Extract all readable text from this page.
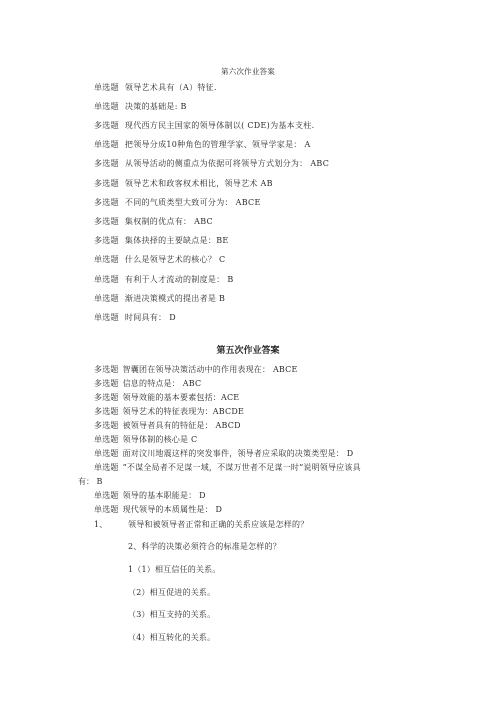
第六次作业答案
单选题 领导艺术具有（A）特征.
单选题 决策的基础是: B
多选题 现代西方民主国家的领导体制以( CDE)为基本支柱.
单选题 把领导分成10种角色的管理学家、领导学家是： A
多选题 从领导活动的侧重点为依据可将领导方式划分为： ABC
多选题 领导艺术和政客权术相比，领导艺术 AB
多选题 不同的气质类型大致可分为： ABCE
多选题 集权制的优点有： ABC
多选题 集体抉择的主要缺点是：BE
单选题 什么是领导艺术的核心？ C
单选题 有利于人才流动的制度是： B
单选题 渐进决策模式的提出者是 B
单选题 时间具有： D
第五次作业答案
多选题 智囊团在领导决策活动中的作用表现在： ABCE
多选题 信息的特点是： ABC
多选题 领导效能的基本要素包括：ACE
多选题 领导艺术的特征表现为：ABCDE
多选题 被领导者具有的特征是： ABCD
单选题 领导体制的核心是 C
单选题 面对汶川地震这样的突发事件，领导者应采取的决策类型是： D
单选题 ”不谋全局者不足谋一域，不谋万世者不足谋一时”说明领导应该具
有： B
单选题 领导的基本职能是： D
单选题 现代领导的本质属性是： D
1、	领导和被领导者正常和正确的关系应该是怎样的？
2、科学的决策必须符合的标准是怎样的？
1（1）相互信任的关系。
（2）相互促进的关系。
（3）相互支持的关系。
（4）相互转化的关系。
